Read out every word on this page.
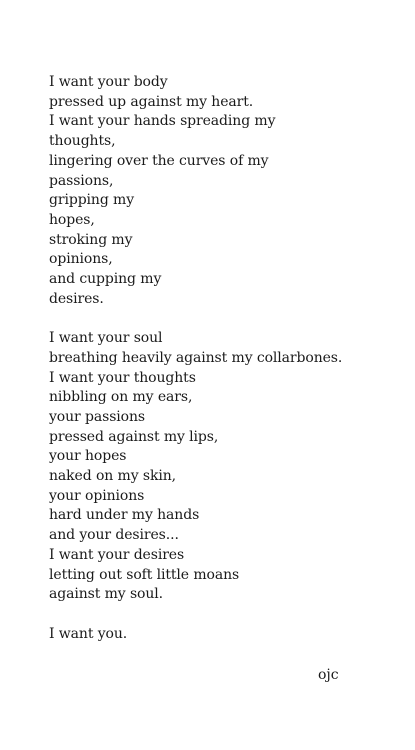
I want your body
pressed up against my heart.
I want your hands spreading my
thoughts,
lingering over the curves of my
passions,
gripping my
hopes,
stroking my
opinions,
and cupping my
desires.

I want your soul
breathing heavily against my collarbones.
I want your thoughts
nibbling on my ears,
your passions
pressed against my lips,
your hopes
naked on my skin,
your opinions
hard under my hands
and your desires...
I want your desires
letting out soft little moans
against my soul.

I want you.

ojc
